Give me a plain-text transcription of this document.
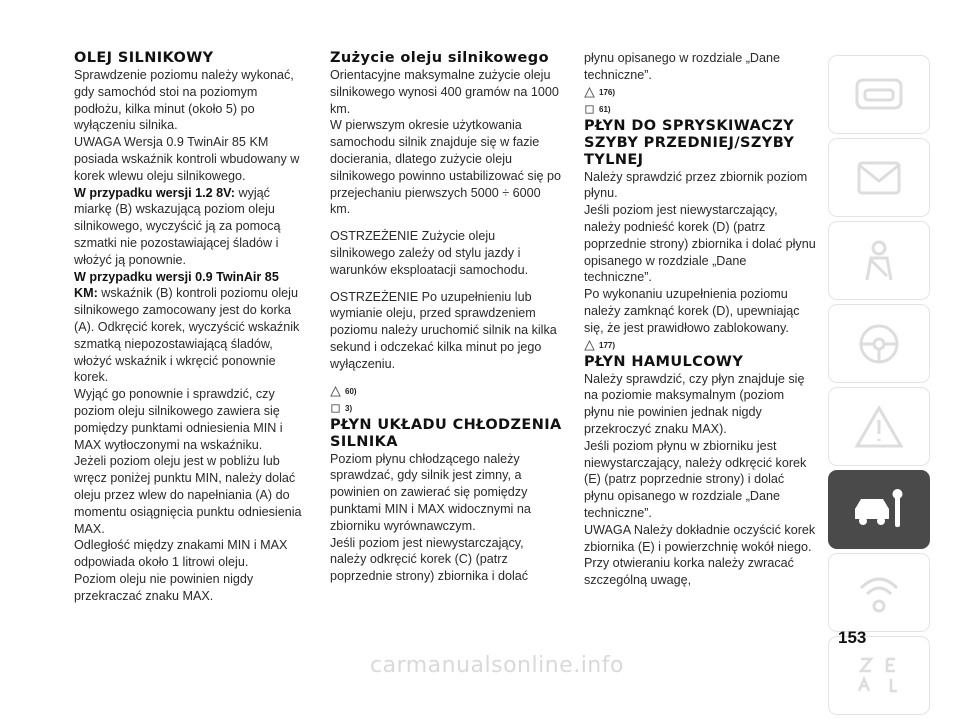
OLEJ SILNIKOWY

Sprawdzenie poziomu należy wykonać, gdy samochód stoi na poziomym podłożu, kilka minut (około 5) po wyłączeniu silnika.

UWAGA Wersja 0.9 TwinAir 85 KM posiada wskaźnik kontroli wbudowany w korek wlewu oleju silnikowego.

W przypadku wersji 1.2 8V: wyjąć miarkę (B) wskazującą poziom oleju silnikowego, wyczyścić ją za pomocą szmatki nie pozostawiającej śladów i włożyć ją ponownie.

W przypadku wersji 0.9 TwinAir 85 KM: wskaźnik (B) kontroli poziomu oleju silnikowego zamocowany jest do korka (A). Odkręcić korek, wyczyścić wskaźnik szmatką niepozostawiającą śladów, włożyć wskaźnik i wkręcić ponownie korek.

Wyjąć go ponownie i sprawdzić, czy poziom oleju silnikowego zawiera się pomiędzy punktami odniesienia MIN i MAX wytłoczonymi na wskaźniku.

Jeżeli poziom oleju jest w pobliżu lub wręcz poniżej punktu MIN, należy dolać oleju przez wlew do napełniania (A) do momentu osiągnięcia punktu odniesienia MAX.

Odległość między znakami MIN i MAX odpowiada około 1 litrowi oleju.

Poziom oleju nie powinien nigdy przekraczać znaku MAX.

Zużycie oleju silnikowego

Orientacyjne maksymalne zużycie oleju silnikowego wynosi 400 gramów na 1000 km.

W pierwszym okresie użytkowania samochodu silnik znajduje się w fazie docierania, dlatego zużycie oleju silnikowego powinno ustabilizować się po przejechaniu pierwszych 5000 ÷ 6000 km.

OSTRZEŻENIE Zużycie oleju silnikowego zależy od stylu jazdy i warunków eksploatacji samochodu.

OSTRZEŻENIE Po uzupełnieniu lub wymianie oleju, przed sprawdzeniem poziomu należy uruchomić silnik na kilka sekund i odczekać kilka minut po jego wyłączeniu.

60)
3)
PŁYN UKŁADU CHŁODZENIA SILNIKA

Poziom płynu chłodzącego należy sprawdzać, gdy silnik jest zimny, a powinien on zawierać się pomiędzy punktami MIN i MAX widocznymi na zbiorniku wyrównawczym.

Jeśli poziom jest niewystarczający, należy odkręcić korek (C) (patrz poprzednie strony) zbiornika i dolać

płynu opisanego w rozdziale „Dane techniczne”.

176)
61)
PŁYN DO SPRYSKIWACZY SZYBY PRZEDNIEJ/SZYBY TYLNEJ

Należy sprawdzić przez zbiornik poziom płynu.

Jeśli poziom jest niewystarczający, należy podnieść korek (D) (patrz poprzednie strony) zbiornika i dolać płynu opisanego w rozdziale „Dane techniczne”.

Po wykonaniu uzupełnienia poziomu należy zamknąć korek (D), upewniając się, że jest prawidłowo zablokowany.

177)
PŁYN HAMULCOWY

Należy sprawdzić, czy płyn znajduje się na poziomie maksymalnym (poziom płynu nie powinien jednak nigdy przekroczyć znaku MAX).

Jeśli poziom płynu w zbiorniku jest niewystarczający, należy odkręcić korek (E) (patrz poprzednie strony) i dolać płynu opisanego w rozdziale „Dane techniczne”.

UWAGA Należy dokładnie oczyścić korek zbiornika (E) i powierzchnię wokół niego. Przy otwieraniu korka należy zwracać szczególną uwagę,

153
carmanualsonline.info
